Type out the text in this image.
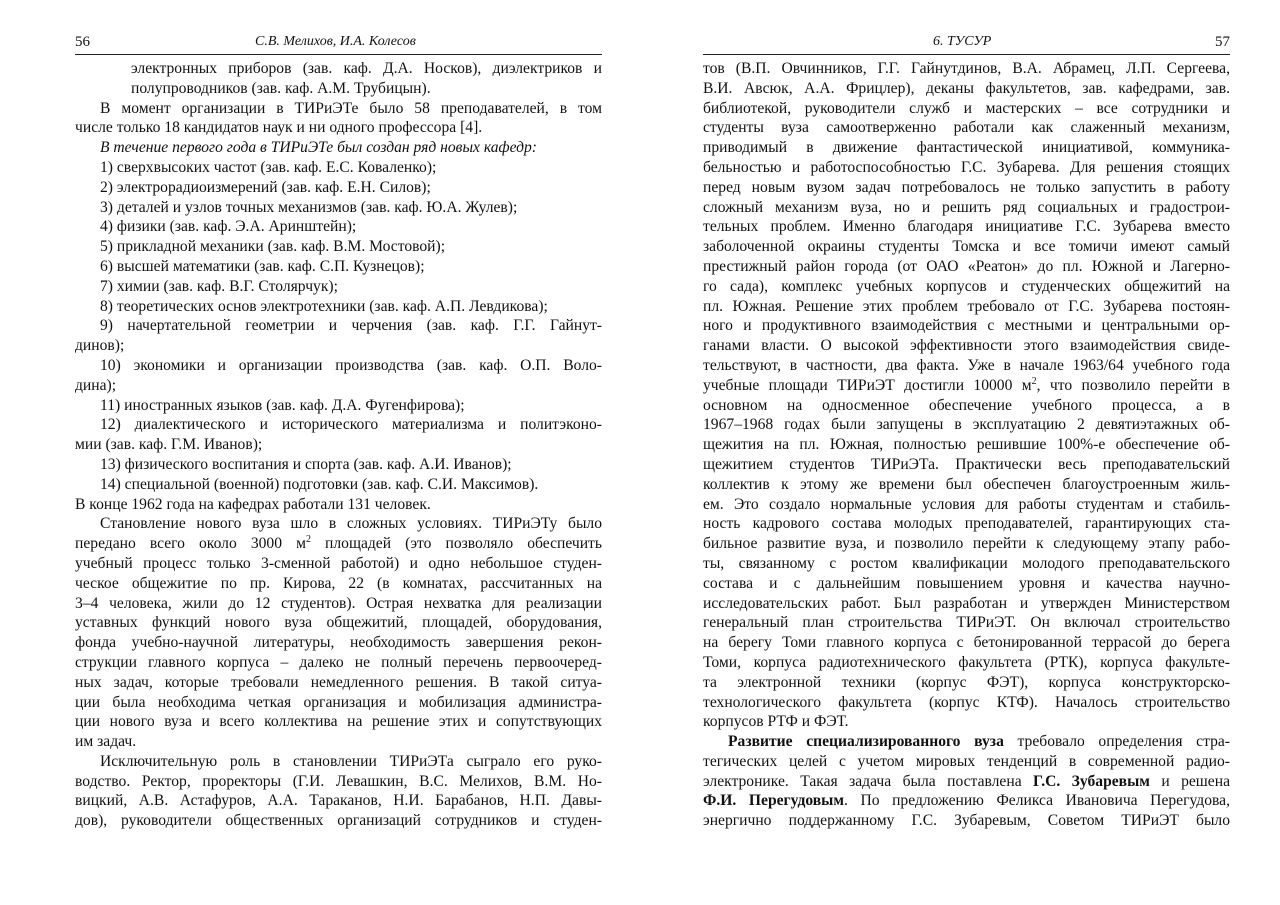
56	С.В. Мелихов, И.А. Колесов
электронных приборов (зав. каф. Д.А. Носков), диэлектриков и
полупроводников (зав. каф. А.М. Трубицын).
В момент организации в ТИРиЭТе было 58 преподавателей, в том
числе только 18 кандидатов наук и ни одного профессора [4].
В течение первого года в ТИРиЭТе был создан ряд новых кафедр:
1) сверхвысоких частот (зав. каф. Е.С. Коваленко);
2) электрорадиоизмерений (зав. каф. Е.Н. Силов);
3) деталей и узлов точных механизмов (зав. каф. Ю.А. Жулев);
4) физики (зав. каф. Э.А. Аринштейн);
5) прикладной механики (зав. каф. В.М. Мостовой);
6) высшей математики (зав. каф. С.П. Кузнецов);
7) химии (зав. каф. В.Г. Столярчук);
8) теоретических основ электротехники (зав. каф. А.П. Левдикова);
9) начертательной геометрии и черчения (зав. каф. Г.Г. Гайнут-
динов);
10) экономики и организации производства (зав. каф. О.П. Воло-
дина);
11) иностранных языков (зав. каф. Д.А. Фугенфирова);
12) диалектического и исторического материализма и политэконо-
мии (зав. каф. Г.М. Иванов);
13) физического воспитания и спорта (зав. каф. А.И. Иванов);
14) специальной (военной) подготовки (зав. каф. С.И. Максимов).
В конце 1962 года на кафедрах работали 131 человек.
Становление нового вуза шло в сложных условиях. ТИРиЭТу было
передано всего около 3000 $м^2$ площадей (это позволяло обеспечить
учебный процесс только 3-сменной работой) и одно небольшое студен-
ческое общежитие по пр. Кирова, 22 (в комнатах, рассчитанных на
3–4 человека, жили до 12 студентов). Острая нехватка для реализации
уставных функций нового вуза общежитий, площадей, оборудования,
фонда учебно-научной литературы, необходимость завершения рекон-
струкции главного корпуса – далеко не полный перечень первоочеред-
ных задач, которые требовали немедленного решения. В такой ситуа-
ции была необходима четкая организация и мобилизация администра-
ции нового вуза и всего коллектива на решение этих и сопутствующих
им задач.
Исключительную роль в становлении ТИРиЭТа сыграло его руко-
водство. Ректор, проректоры (Г.И. Левашкин, В.С. Мелихов, В.М. Но-
вицкий, А.В. Астафуров, А.А. Тараканов, Н.И. Барабанов, Н.П. Давы-
дов), руководители общественных организаций сотрудников и студен-
6. ТУСУР	57
тов (В.П. Овчинников, Г.Г. Гайнутдинов, В.А. Абрамец, Л.П. Сергеева,
В.И. Авсюк, А.А. Фрицлер), деканы факультетов, зав. кафедрами, зав.
библиотекой, руководители служб и мастерских – все сотрудники и
студенты вуза самоотверженно работали как слаженный механизм,
приводимый в движение фантастической инициативой, коммуника-
бельностью и работоспособностью Г.С. Зубарева. Для решения стоящих
перед новым вузом задач потребовалось не только запустить в работу
сложный механизм вуза, но и решить ряд социальных и градострои-
тельных проблем. Именно благодаря инициативе Г.С. Зубарева вместо
заболоченной окраины студенты Томска и все томичи имеют самый
престижный район города (от ОАО «Реатон» до пл. Южной и Лагерно-
го сада), комплекс учебных корпусов и студенческих общежитий на
пл. Южная. Решение этих проблем требовало от Г.С. Зубарева постоян-
ного и продуктивного взаимодействия с местными и центральными ор-
ганами власти. О высокой эффективности этого взаимодействия свиде-
тельствуют, в частности, два факта. Уже в начале 1963/64 учебного года
учебные площади ТИРиЭТ достигли 10000 $м^2$, что позволило перейти в
основном на односменное обеспечение учебного процесса, а в
1967–1968 годах были запущены в эксплуатацию 2 девятиэтажных об-
щежития на пл. Южная, полностью решившие 100%-е обеспечение об-
щежитием студентов ТИРиЭТа. Практически весь преподавательский
коллектив к этому же времени был обеспечен благоустроенным жиль-
ем. Это создало нормальные условия для работы студентам и стабиль-
ность кадрового состава молодых преподавателей, гарантирующих ста-
бильное развитие вуза, и позволило перейти к следующему этапу рабо-
ты, связанному с ростом квалификации молодого преподавательского
состава и с дальнейшим повышением уровня и качества научно-
исследовательских работ. Был разработан и утвержден Министерством
генеральный план строительства ТИРиЭТ. Он включал строительство
на берегу Томи главного корпуса с бетонированной террасой до берега
Томи, корпуса радиотехнического факультета (РТК), корпуса факульте-
та электронной техники (корпус ФЭТ), корпуса конструкторско-
технологического факультета (корпус КТФ). Началось строительство
корпусов РТФ и ФЭТ.
Развитие специализированного вуза требовало определения стра-
тегических целей с учетом мировых тенденций в современной радио-
электронике. Такая задача была поставлена Г.С. Зубаревым и решена
Ф.И. Перегудовым. По предложению Феликса Ивановича Перегудова,
энергично поддержанному Г.С. Зубаревым, Советом ТИРиЭТ было
